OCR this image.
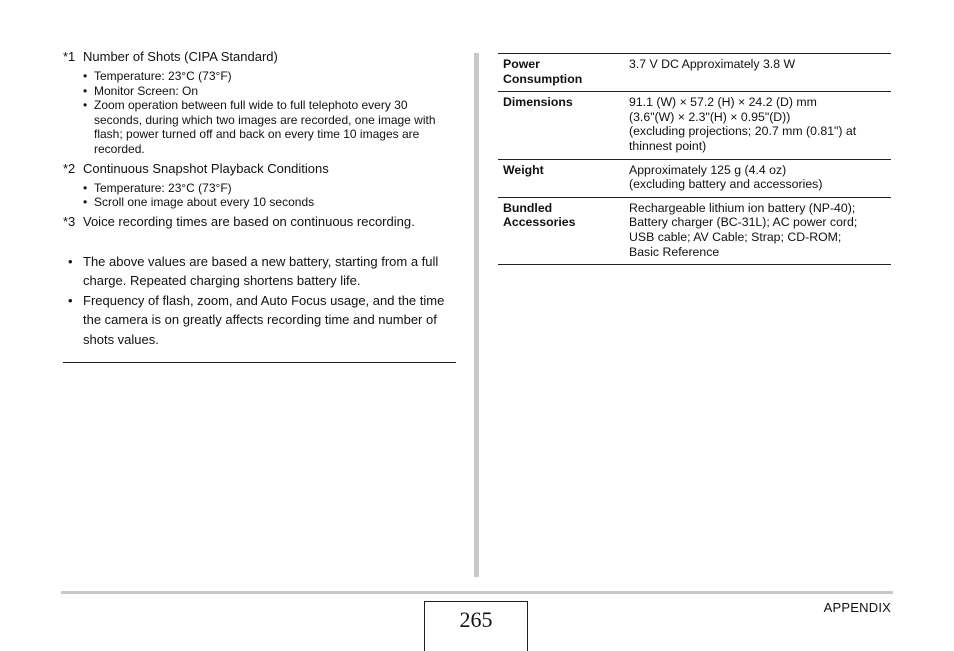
*1 Number of Shots (CIPA Standard)

• Temperature: 23°C (73°F)
• Monitor Screen: On
• Zoom operation between full wide to full telephoto every 30 seconds, during which two images are recorded, one image with flash; power turned off and back on every time 10 images are recorded.

*2 Continuous Snapshot Playback Conditions

• Temperature: 23°C (73°F)
• Scroll one image about every 10 seconds

*3 Voice recording times are based on continuous recording.

• The above values are based a new battery, starting from a full charge. Repeated charging shortens battery life.
• Frequency of flash, zoom, and Auto Focus usage, and the time the camera is on greatly affects recording time and number of shots values.
Power Consumption	3.7 V DC Approximately 3.8 W
Dimensions	91.1 (W) × 57.2 (H) × 24.2 (D) mm
(3.6"(W) × 2.3"(H) × 0.95"(D))
(excluding projections; 20.7 mm (0.81") at thinnest point)
Weight	Approximately 125 g (4.4 oz)
(excluding battery and accessories)
Bundled Accessories	Rechargeable lithium ion battery (NP-40);
Battery charger (BC-31L); AC power cord;
USB cable; AV Cable; Strap; CD-ROM;
Basic Reference
APPENDIX
265
